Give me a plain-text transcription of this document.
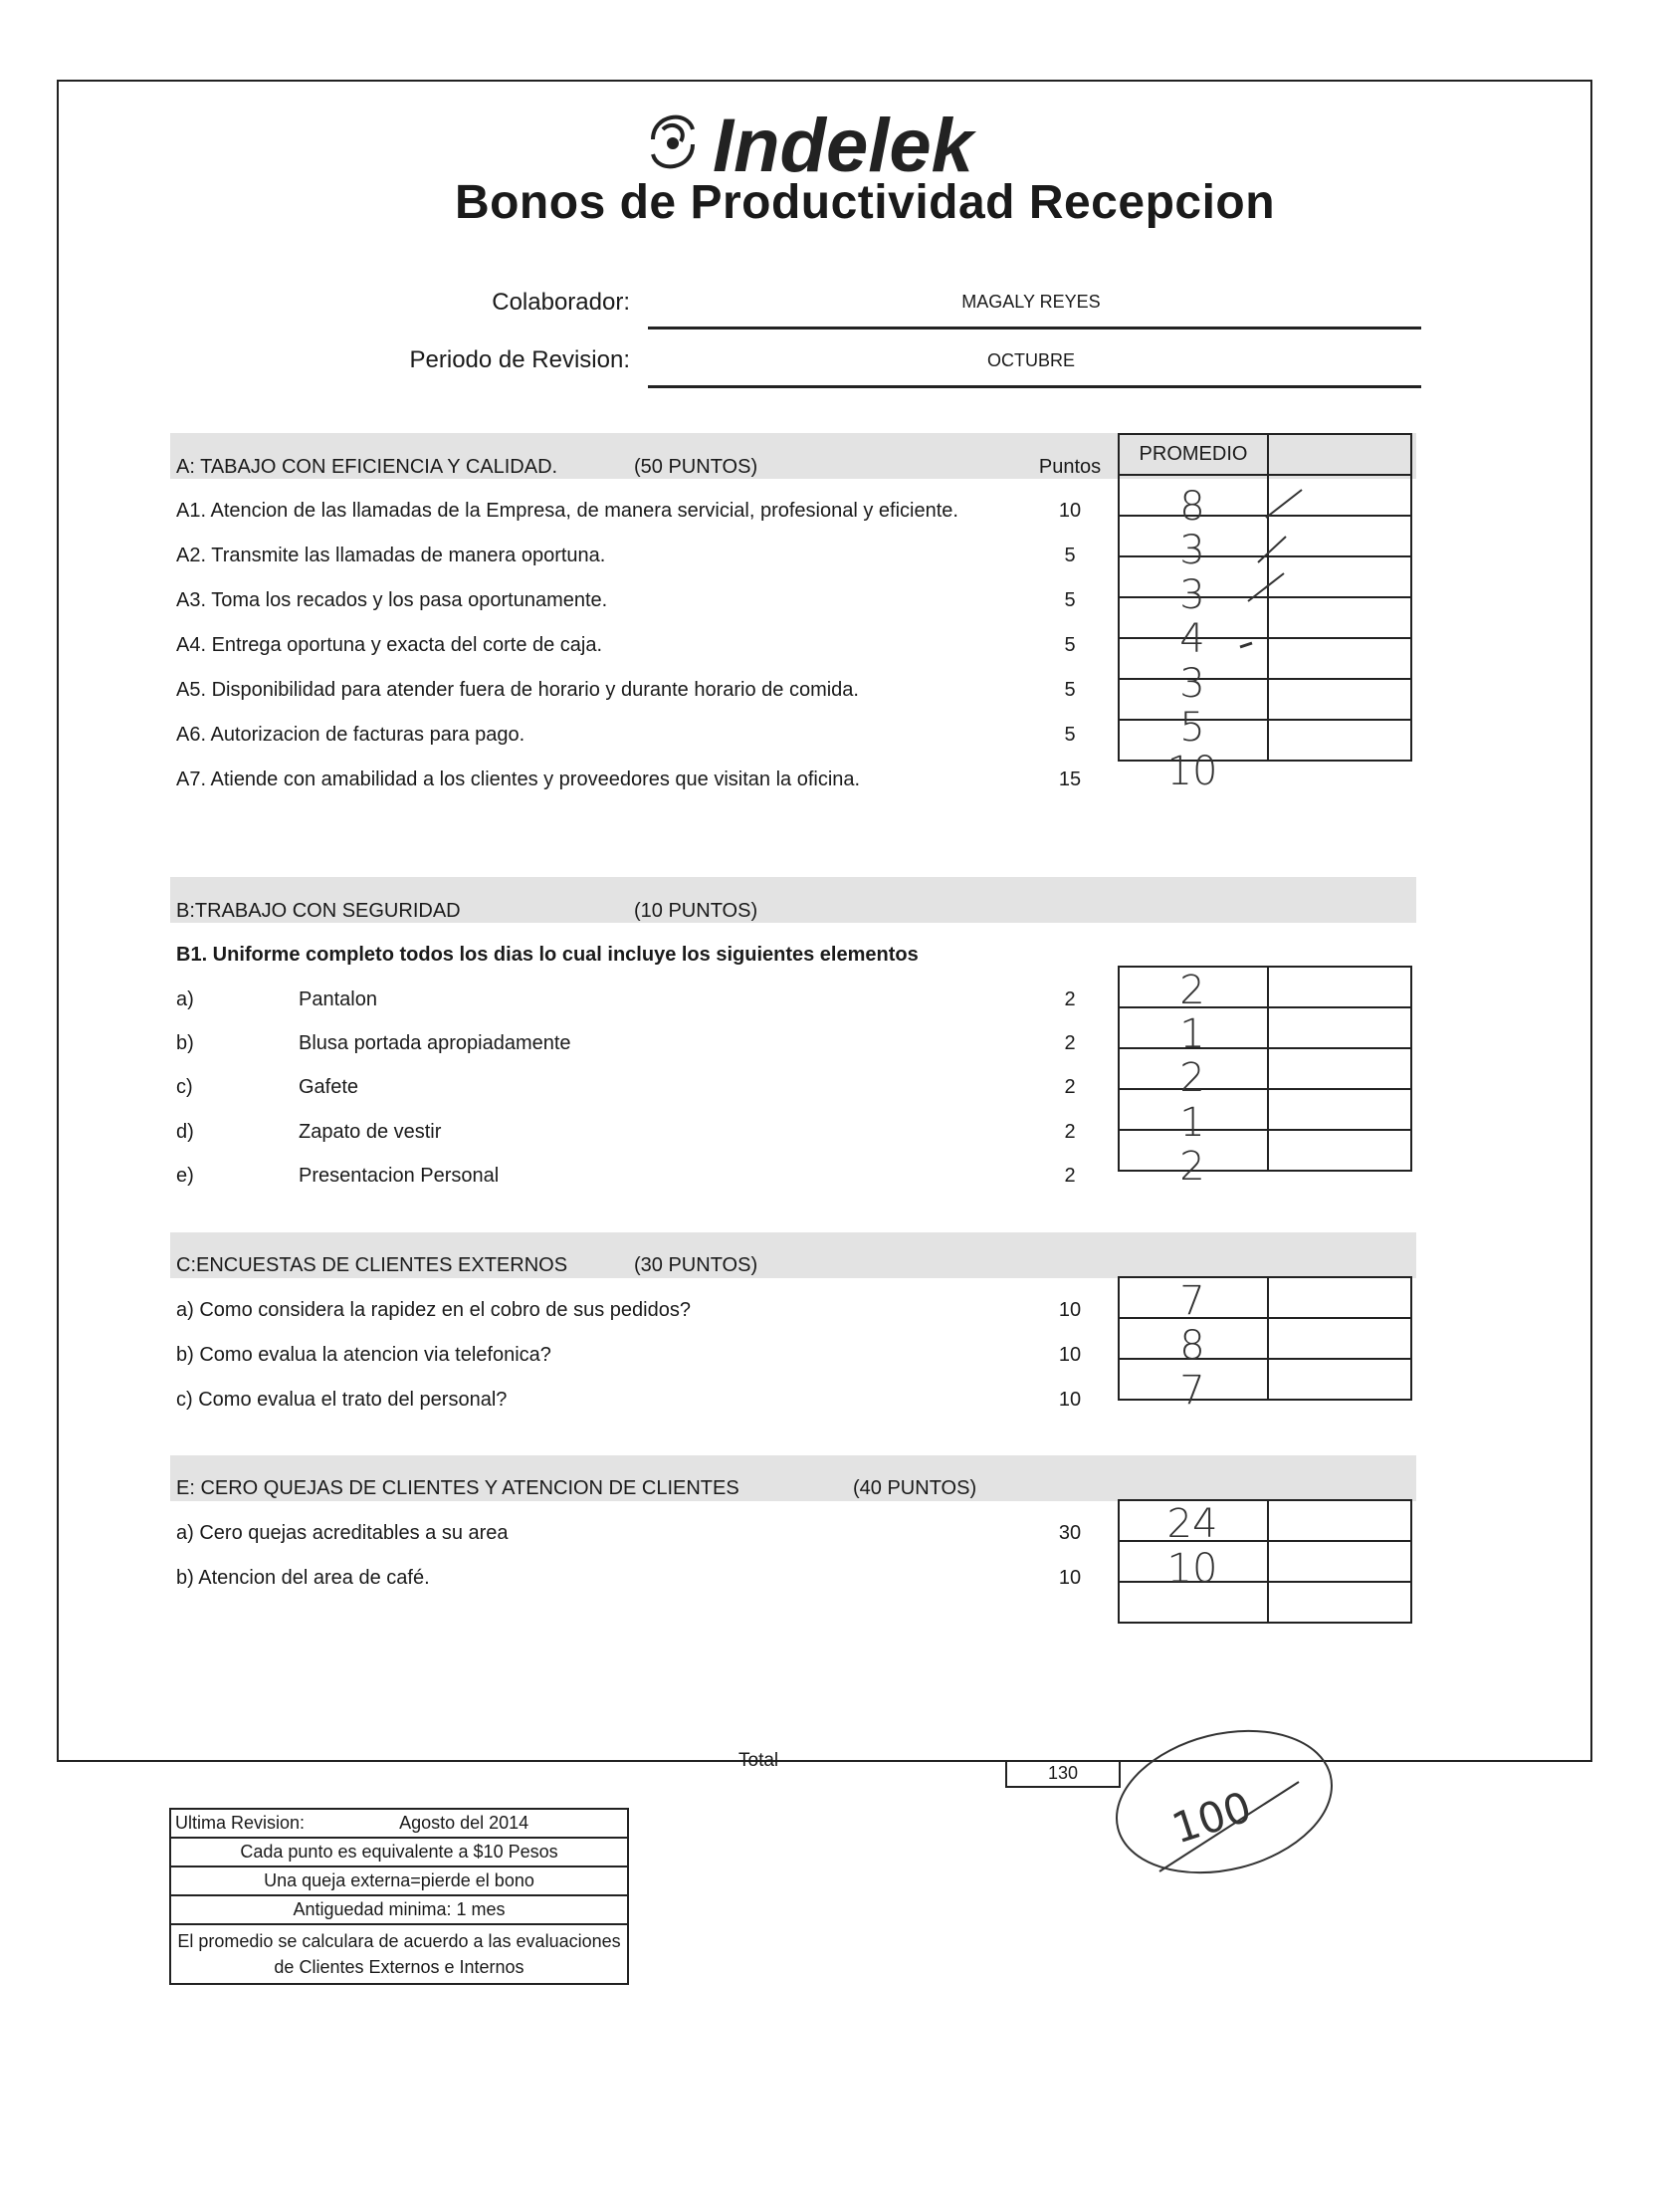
Indelek
Bonos de Productividad Recepcion
Colaborador:	MAGALY REYES
Periodo de Revision:	OCTUBRE
A: TABAJO CON EFICIENCIA Y CALIDAD.	(50 PUNTOS)	Puntos
PROMEDIO	

A1. Atencion de las llamadas de la Empresa, de manera servicial, profesional y eficiente.	10	8
A2. Transmite las llamadas de manera oportuna.	5	3
A3. Toma los recados y los pasa oportunamente.	5	3
A4. Entrega oportuna y exacta del corte de caja.	5	4
A5. Disponibilidad para atender fuera de horario y durante horario de comida.	5	3
A6. Autorizacion de facturas para pago.	5	5
A7. Atiende con amabilidad a los clientes y proveedores que visitan la oficina.	15	10
B:TRABAJO CON SEGURIDAD	(10 PUNTOS)
B1. Uniforme completo todos los dias lo cual incluye los siguientes elementos

a)	Pantalon	2	2
b)	Blusa portada apropiadamente	2	1
c)	Gafete	2	2
d)	Zapato de vestir	2	1
e)	Presentacion Personal	2	2
C:ENCUESTAS DE CLIENTES EXTERNOS	(30 PUNTOS)

a) Como considera la rapidez en el cobro de sus pedidos?	10	7
b) Como evalua la atencion via telefonica?	10	8
c) Como evalua el trato del personal?	10	7
E: CERO QUEJAS DE CLIENTES Y ATENCION DE CLIENTES	(40 PUNTOS)

a) Cero quejas acreditables a su area	30	24
b) Atencion del area de café.	10	10
Total
130
100
Ultima Revision:	Agosto del 2014
Cada punto es equivalente a $10 Pesos
Una queja externa=pierde el bono
Antiguedad minima: 1 mes
El promedio se calculara de acuerdo a las evaluaciones de Clientes Externos e Internos
